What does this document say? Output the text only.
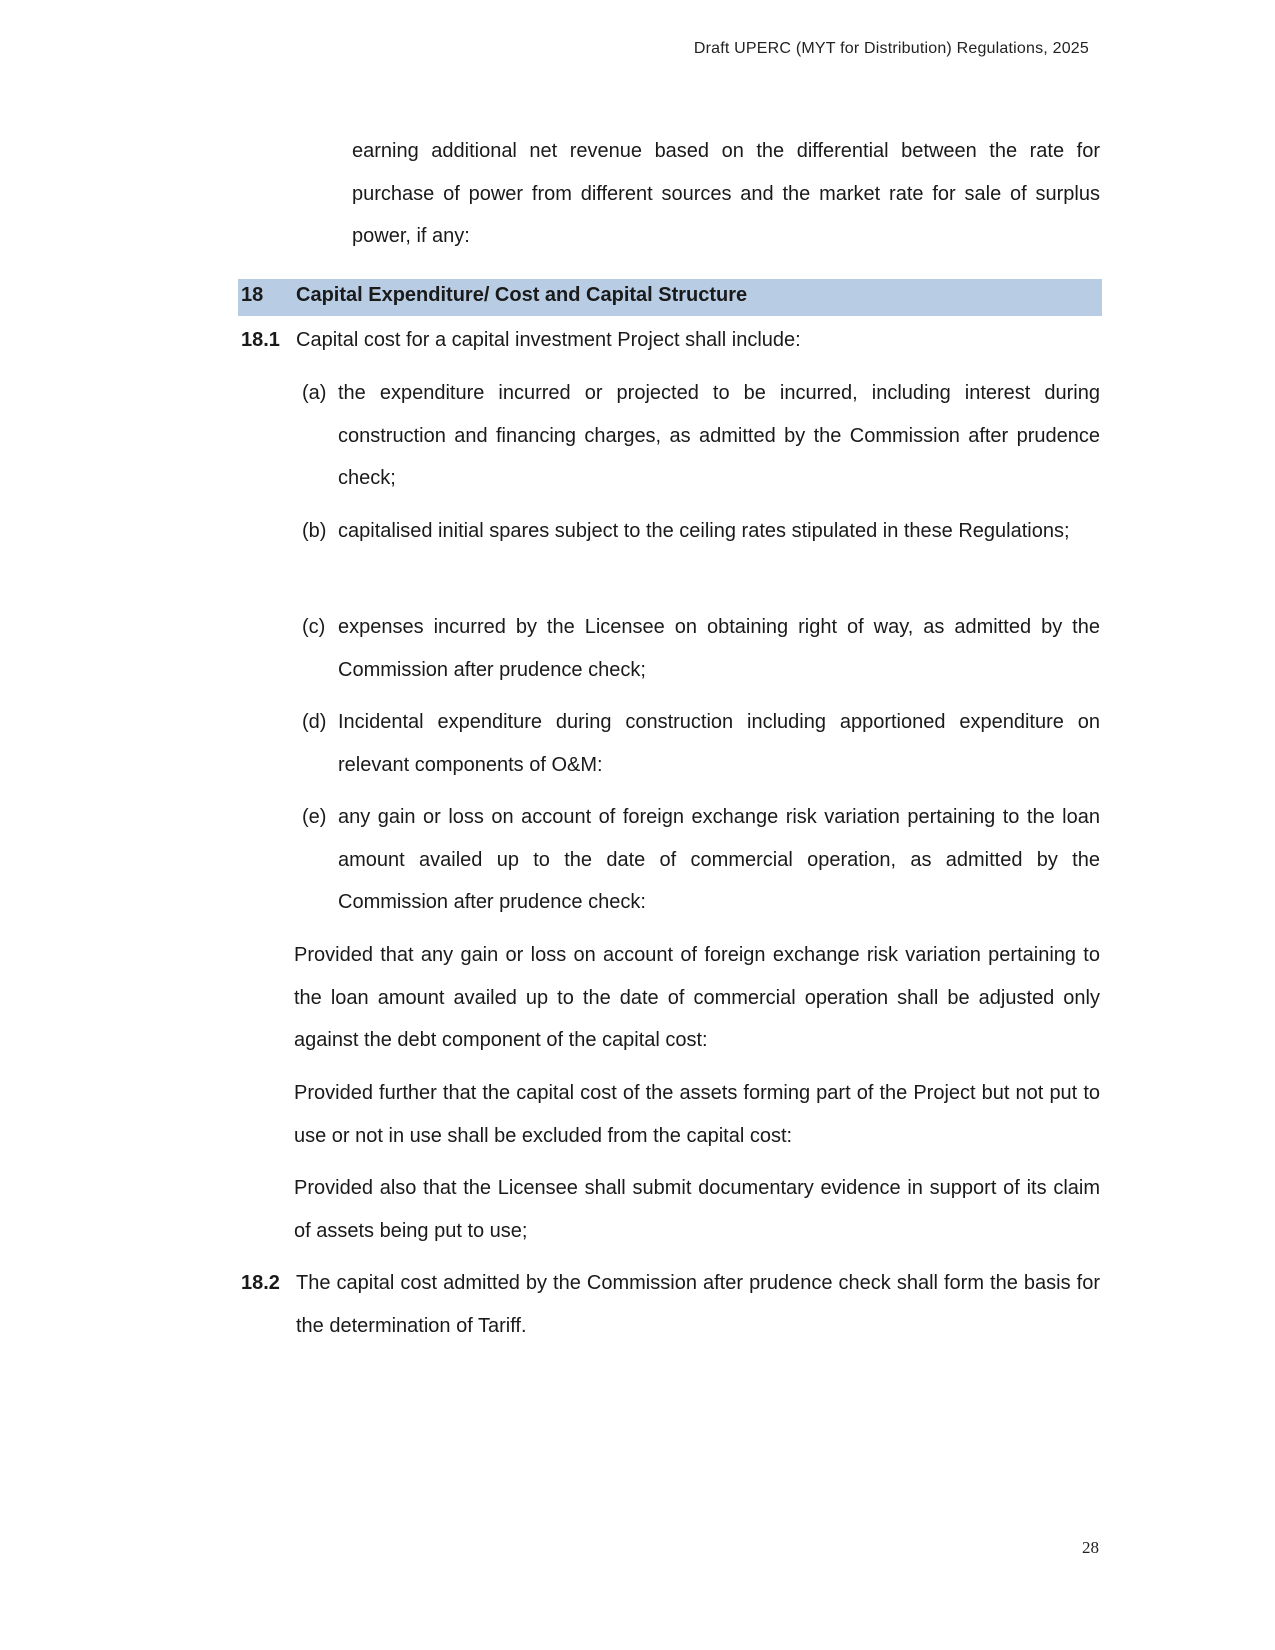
Draft UPERC (MYT for Distribution) Regulations, 2025
earning additional net revenue based on the differential between the rate for purchase of power from different sources and the market rate for sale of surplus power, if any:
18 Capital Expenditure/ Cost and Capital Structure
18.1 Capital cost for a capital investment Project shall include:
(a) the expenditure incurred or projected to be incurred, including interest during construction and financing charges, as admitted by the Commission after prudence check;
(b) capitalised initial spares subject to the ceiling rates stipulated in these Regulations;
(c) expenses incurred by the Licensee on obtaining right of way, as admitted by the Commission after prudence check;
(d) Incidental expenditure during construction including apportioned expenditure on relevant components of O&M:
(e) any gain or loss on account of foreign exchange risk variation pertaining to the loan amount availed up to the date of commercial operation, as admitted by the Commission after prudence check:
Provided that any gain or loss on account of foreign exchange risk variation pertaining to the loan amount availed up to the date of commercial operation shall be adjusted only against the debt component of the capital cost:
Provided further that the capital cost of the assets forming part of the Project but not put to use or not in use shall be excluded from the capital cost:
Provided also that the Licensee shall submit documentary evidence in support of its claim of assets being put to use;
18.2 The capital cost admitted by the Commission after prudence check shall form the basis for the determination of Tariff.
28
